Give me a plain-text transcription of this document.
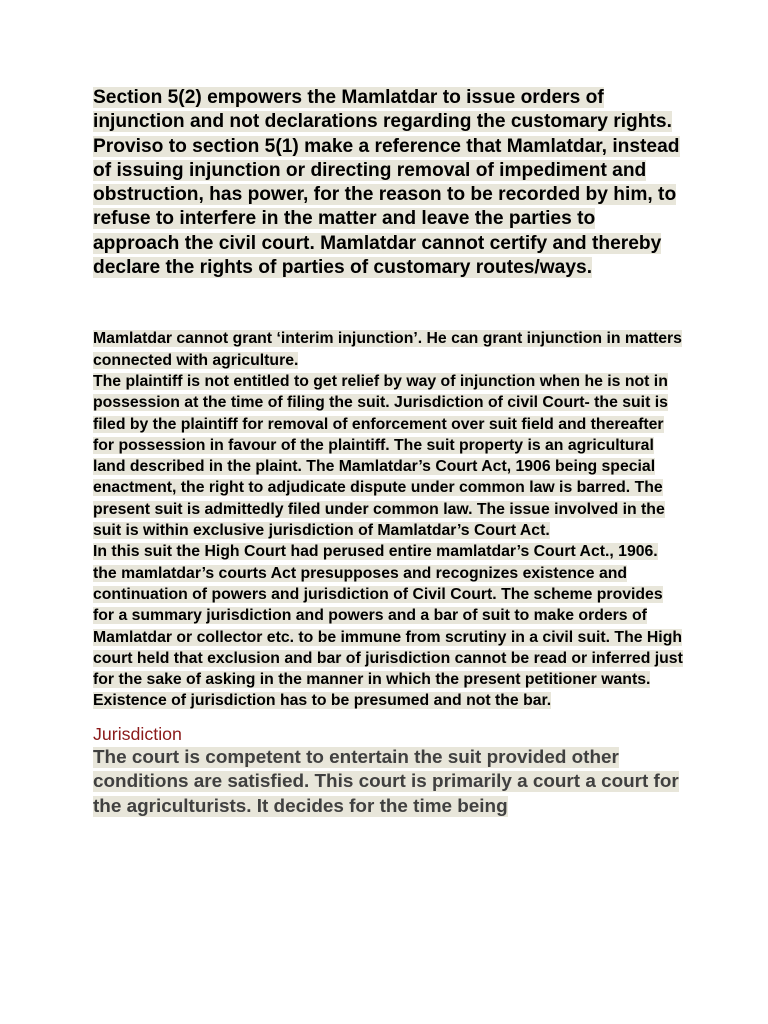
Section 5(2) empowers the Mamlatdar to issue orders of injunction and not declarations regarding the customary rights. Proviso to section 5(1) make a reference that Mamlatdar, instead of issuing injunction or directing removal of impediment and obstruction, has power, for the reason to be recorded by him, to refuse to interfere in the matter and leave the parties to approach the civil court. Mamlatdar cannot certify and thereby declare the rights of parties of customary routes/ways.

Mamlatdar cannot grant ‘interim injunction’. He can grant injunction in matters connected with agriculture.
The plaintiff is not entitled to get relief by way of injunction when he is not in possession at the time of filing the suit. Jurisdiction of civil Court- the suit is filed by the plaintiff for removal of enforcement over suit field and thereafter for possession in favour of the plaintiff. The suit property is an agricultural land described in the plaint. The Mamlatdar’s Court Act, 1906 being special enactment, the right to adjudicate dispute under common law is barred. The present suit is admittedly filed under common law. The issue involved in the suit is within exclusive jurisdiction of Mamlatdar’s Court Act.
In this suit the High Court had perused entire mamlatdar’s Court Act., 1906. the mamlatdar’s courts Act presupposes and recognizes existence and continuation of powers and jurisdiction of Civil Court. The scheme provides for a summary jurisdiction and powers and a bar of suit to make orders of Mamlatdar or collector etc. to be immune from scrutiny in a civil suit. The High court held that exclusion and bar of jurisdiction cannot be read or inferred just for the sake of asking in the manner in which the present petitioner wants. Existence of jurisdiction has to be presumed and not the bar.

Jurisdiction

The court is competent to entertain the suit provided other conditions are satisfied. This court is primarily a court a court for the agriculturists. It decides for the time being
